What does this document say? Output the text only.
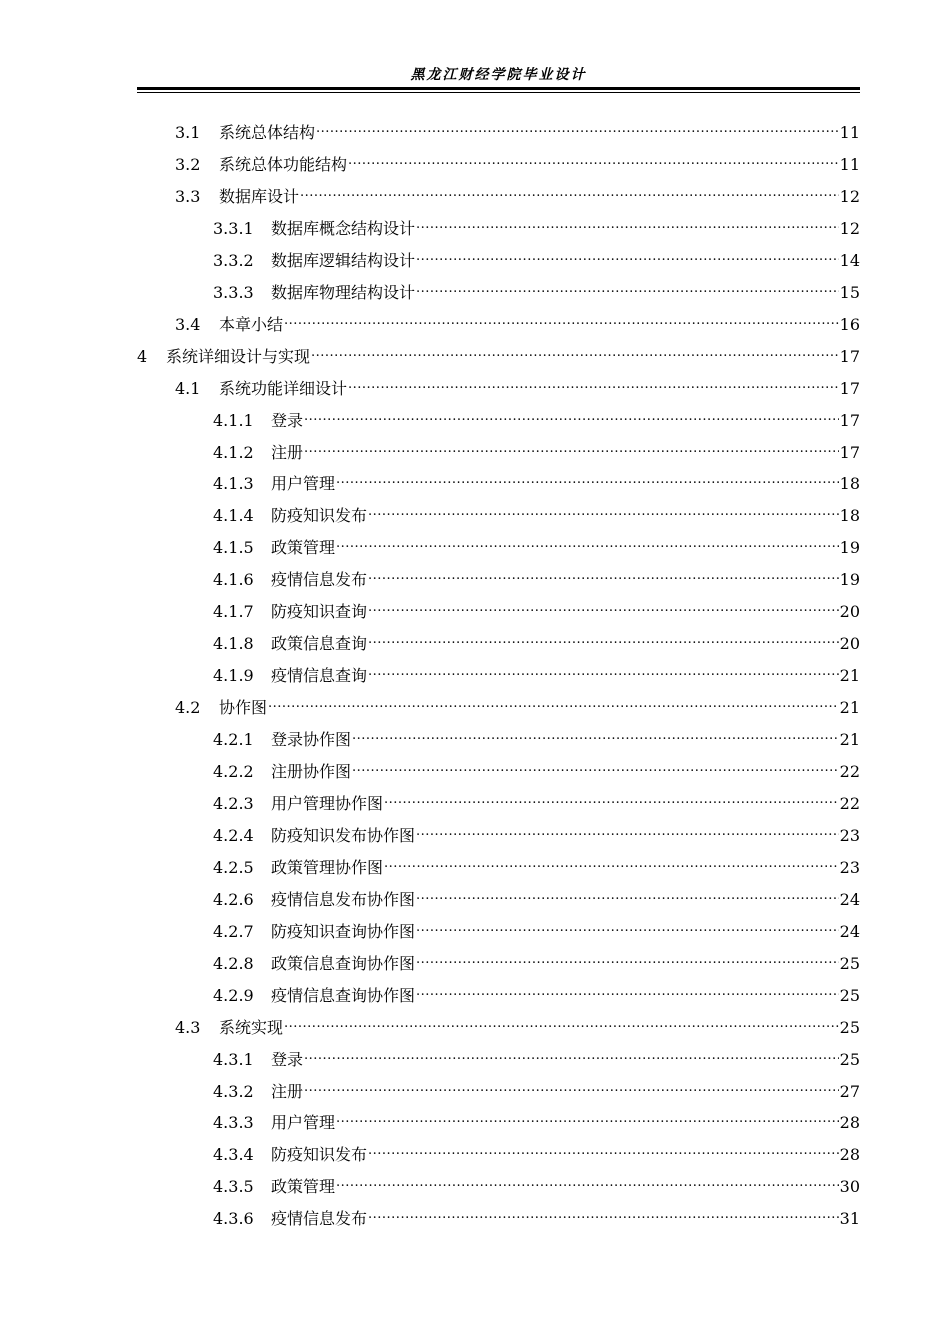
黑龙江财经学院毕业设计
3.1	系统总体结构 .....	11
3.2	系统总体功能结构 .....	11
3.3	数据库设计 .....	12
3.3.1	数据库概念结构设计 .....	12
3.3.2	数据库逻辑结构设计 .....	14
3.3.3	数据库物理结构设计 .....	15
3.4	本章小结 .....	16
4	系统详细设计与实现 .....	17
4.1	系统功能详细设计 .....	17
4.1.1	登录 .....	17
4.1.2	注册 .....	17
4.1.3	用户管理 .....	18
4.1.4	防疫知识发布 .....	18
4.1.5	政策管理 .....	19
4.1.6	疫情信息发布 .....	19
4.1.7	防疫知识查询 .....	20
4.1.8	政策信息查询 .....	20
4.1.9	疫情信息查询 .....	21
4.2	协作图 .....	21
4.2.1	登录协作图 .....	21
4.2.2	注册协作图 .....	22
4.2.3	用户管理协作图 .....	22
4.2.4	防疫知识发布协作图 .....	23
4.2.5	政策管理协作图 .....	23
4.2.6	疫情信息发布协作图 .....	24
4.2.7	防疫知识查询协作图 .....	24
4.2.8	政策信息查询协作图 .....	25
4.2.9	疫情信息查询协作图 .....	25
4.3	系统实现 .....	25
4.3.1	登录 .....	25
4.3.2	注册 .....	27
4.3.3	用户管理 .....	28
4.3.4	防疫知识发布 .....	28
4.3.5	政策管理 .....	30
4.3.6	疫情信息发布 .....	31
